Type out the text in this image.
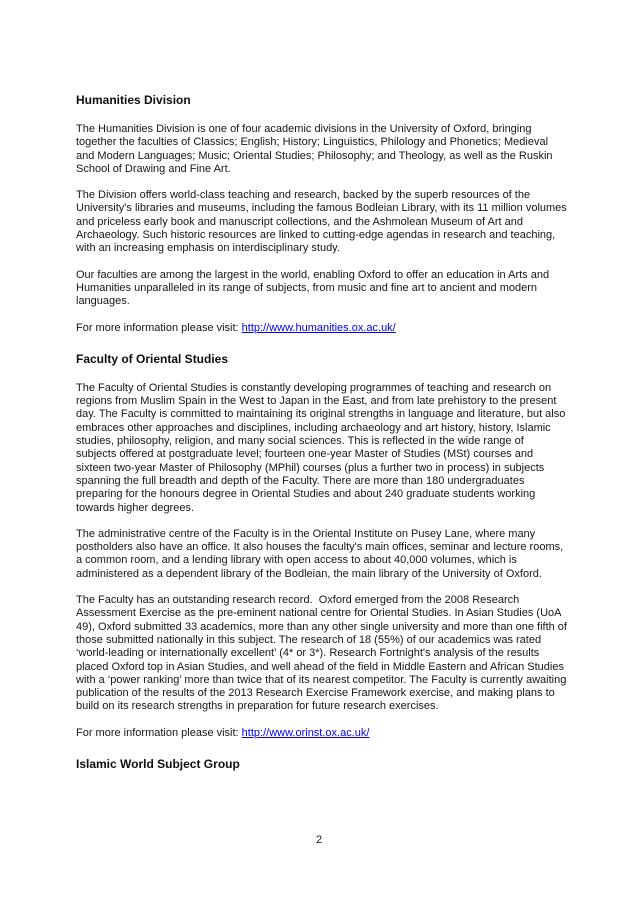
Humanities Division

The Humanities Division is one of four academic divisions in the University of Oxford, bringing together the faculties of Classics; English; History; Linguistics, Philology and Phonetics; Medieval and Modern Languages; Music; Oriental Studies; Philosophy; and Theology, as well as the Ruskin School of Drawing and Fine Art.

The Division offers world-class teaching and research, backed by the superb resources of the University's libraries and museums, including the famous Bodleian Library, with its 11 million volumes and priceless early book and manuscript collections, and the Ashmolean Museum of Art and Archaeology. Such historic resources are linked to cutting-edge agendas in research and teaching, with an increasing emphasis on interdisciplinary study.

Our faculties are among the largest in the world, enabling Oxford to offer an education in Arts and Humanities unparalleled in its range of subjects, from music and fine art to ancient and modern languages.

For more information please visit: http://www.humanities.ox.ac.uk/

Faculty of Oriental Studies

The Faculty of Oriental Studies is constantly developing programmes of teaching and research on regions from Muslim Spain in the West to Japan in the East, and from late prehistory to the present day. The Faculty is committed to maintaining its original strengths in language and literature, but also embraces other approaches and disciplines, including archaeology and art history, history, Islamic studies, philosophy, religion, and many social sciences. This is reflected in the wide range of subjects offered at postgraduate level; fourteen one-year Master of Studies (MSt) courses and sixteen two-year Master of Philosophy (MPhil) courses (plus a further two in process) in subjects spanning the full breadth and depth of the Faculty. There are more than 180 undergraduates preparing for the honours degree in Oriental Studies and about 240 graduate students working towards higher degrees.

The administrative centre of the Faculty is in the Oriental Institute on Pusey Lane, where many postholders also have an office. It also houses the faculty's main offices, seminar and lecture rooms, a common room, and a lending library with open access to about 40,000 volumes, which is administered as a dependent library of the Bodleian, the main library of the University of Oxford.

The Faculty has an outstanding research record.  Oxford emerged from the 2008 Research Assessment Exercise as the pre-eminent national centre for Oriental Studies. In Asian Studies (UoA 49), Oxford submitted 33 academics, more than any other single university and more than one fifth of those submitted nationally in this subject. The research of 18 (55%) of our academics was rated ‘world-leading or internationally excellent’ (4* or 3*). Research Fortnight's analysis of the results placed Oxford top in Asian Studies, and well ahead of the field in Middle Eastern and African Studies with a ‘power ranking’ more than twice that of its nearest competitor. The Faculty is currently awaiting publication of the results of the 2013 Research Exercise Framework exercise, and making plans to build on its research strengths in preparation for future research exercises.

For more information please visit: http://www.orinst.ox.ac.uk/

Islamic World Subject Group
2
